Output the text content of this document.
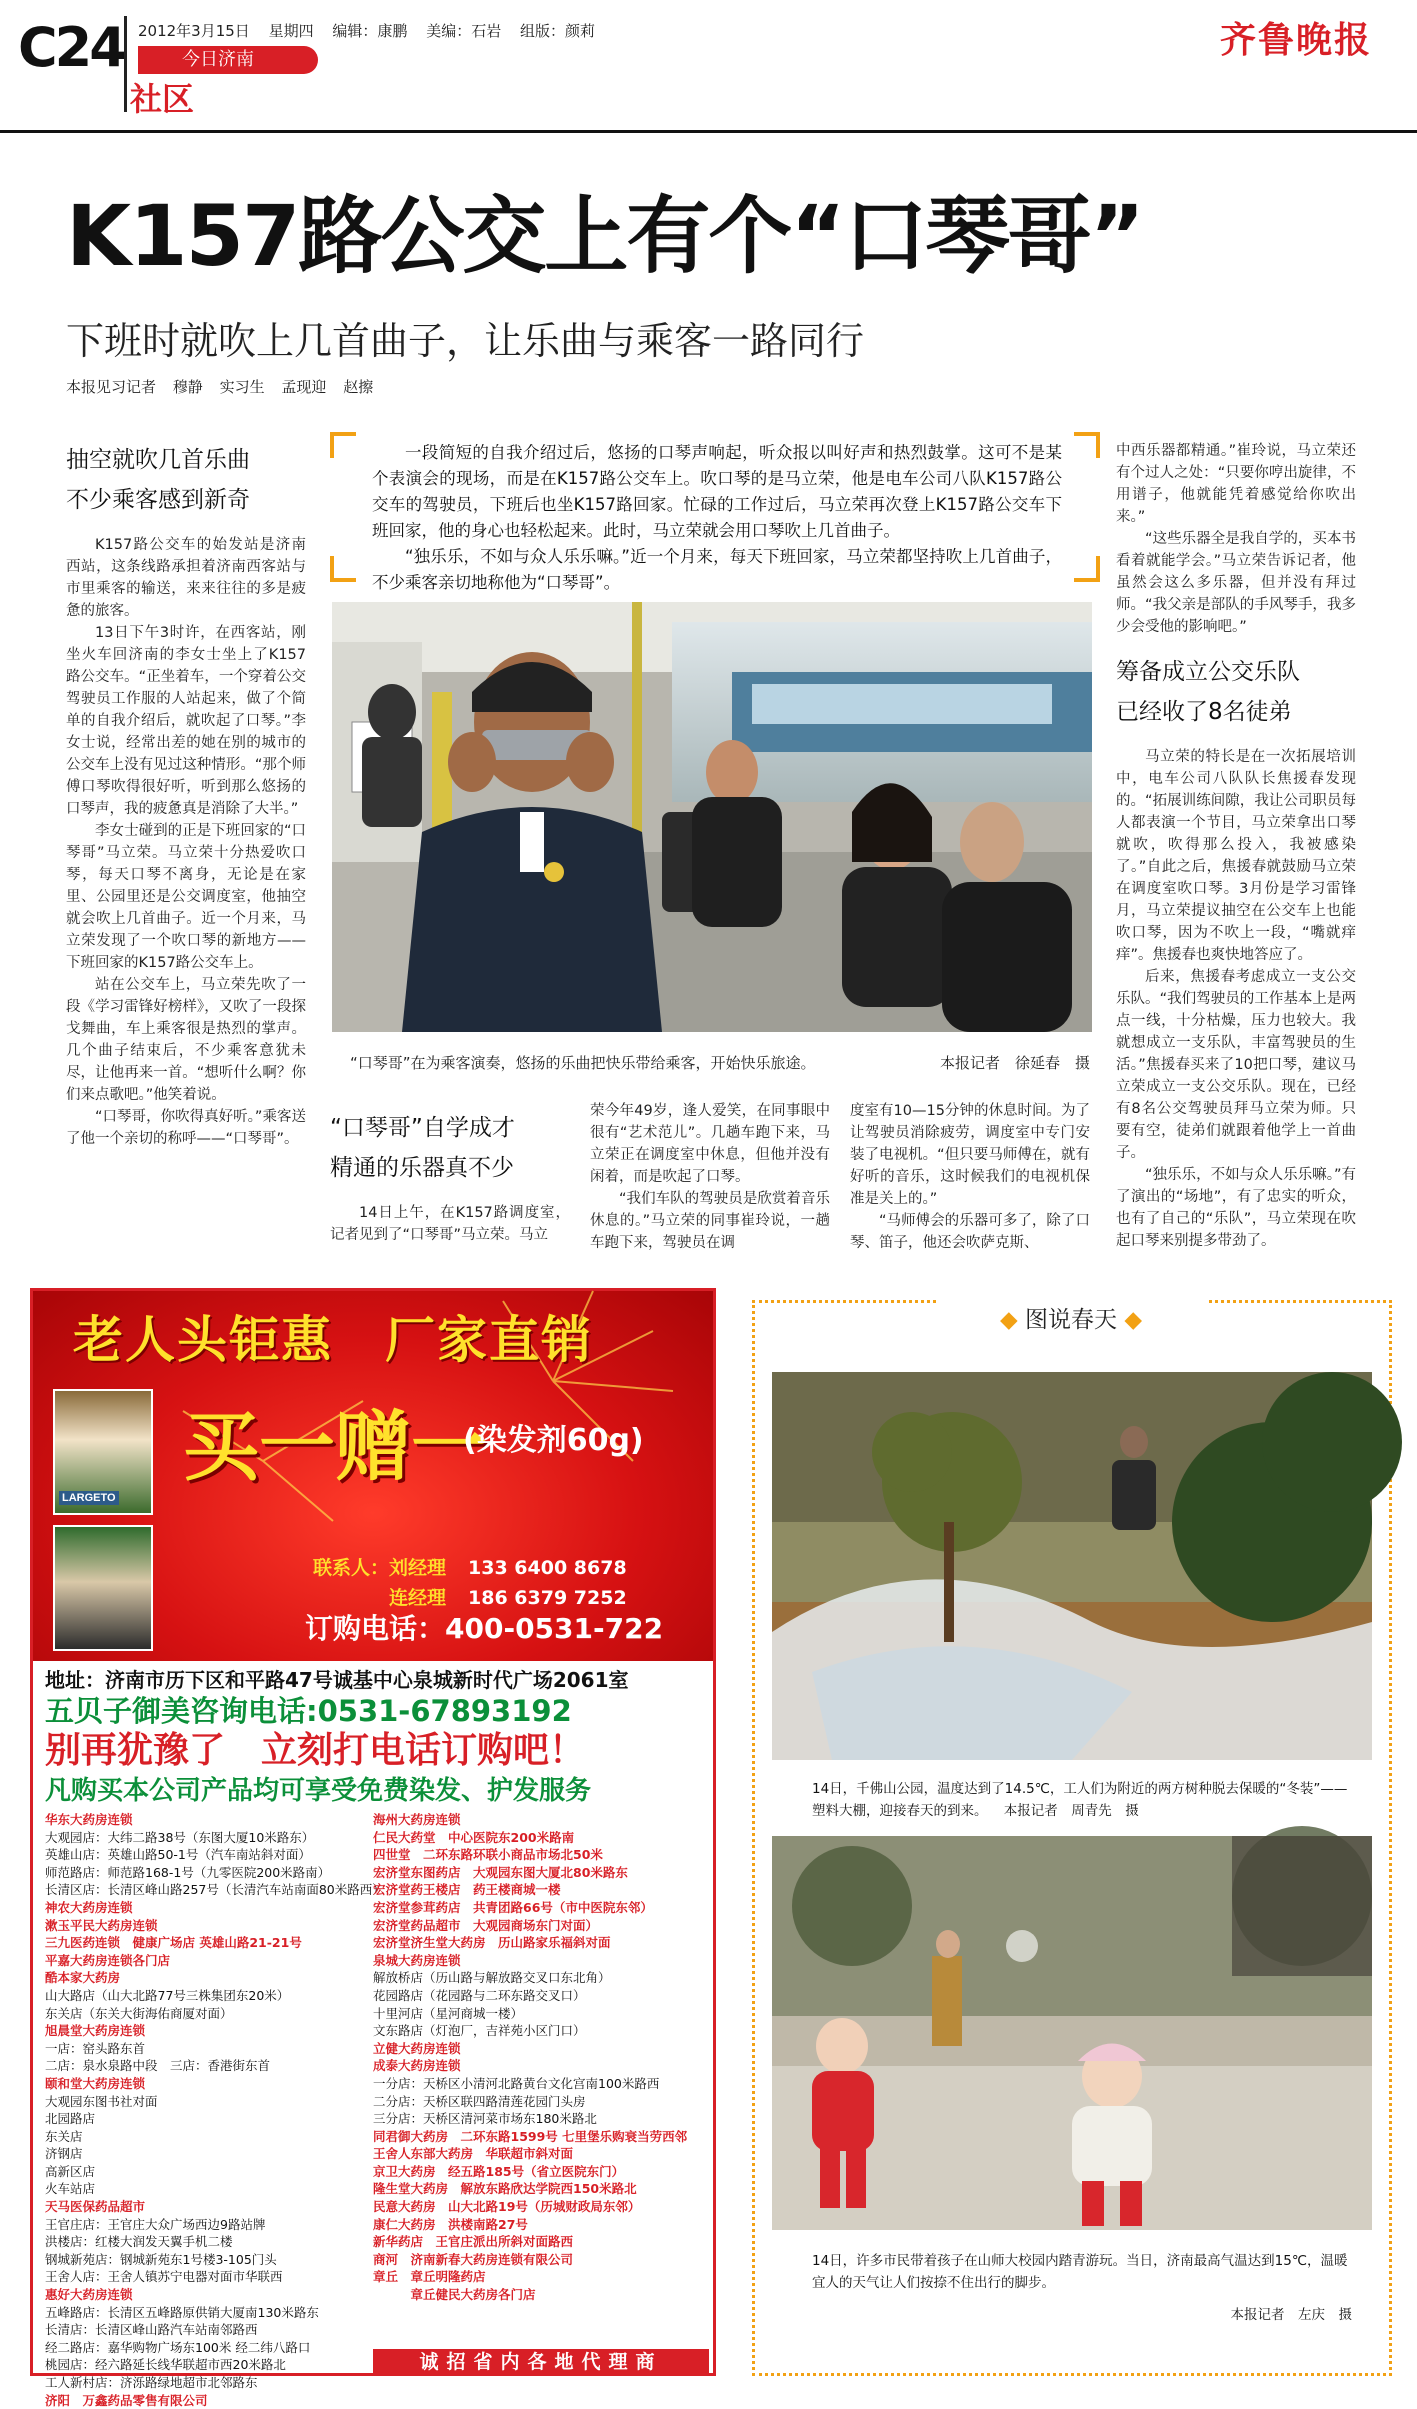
C24 2012年3月15日 星期四 编辑：康鹏 美编：石岩 组版：颜莉
今日济南
社区
齐鲁晚报
K157路公交上有个“口琴哥”
下班时就吹上几首曲子，让乐曲与乘客一路同行
本报见习记者 穆静 实习生 孟现迎 赵擦
抽空就吹几首乐曲
不少乘客感到新奇

K157路公交车的始发站是济南西站，这条线路承担着济南西客站与市里乘客的输送，来来往往的多是疲惫的旅客。

13日下午3时许，在西客站，刚坐火车回济南的李女士坐上了K157路公交车。“正坐着车，一个穿着公交驾驶员工作服的人站起来，做了个简单的自我介绍后，就吹起了口琴。”李女士说，经常出差的她在别的城市的公交车上没有见过这种情形。“那个师傅口琴吹得很好听，听到那么悠扬的口琴声，我的疲惫真是消除了大半。”

李女士碰到的正是下班回家的“口琴哥”马立荣。马立荣十分热爱吹口琴，每天口琴不离身，无论是在家里、公园里还是公交调度室，他抽空就会吹上几首曲子。近一个月来，马立荣发现了一个吹口琴的新地方——下班回家的K157路公交车上。

站在公交车上，马立荣先吹了一段《学习雷锋好榜样》，又吹了一段探戈舞曲，车上乘客很是热烈的掌声。几个曲子结束后，不少乘客意犹未尽，让他再来一首。“想听什么啊？你们来点歌吧。”他笑着说。

“口琴哥，你吹得真好听。”乘客送了他一个亲切的称呼——“口琴哥”。

一段简短的自我介绍过后，悠扬的口琴声响起，听众报以叫好声和热烈鼓掌。这可不是某个表演会的现场，而是在K157路公交车上。吹口琴的是马立荣，他是电车公司八队K157路公交车的驾驶员，下班后也坐K157路回家。忙碌的工作过后，马立荣再次登上K157路公交车下班回家，他的身心也轻松起来。此时，马立荣就会用口琴吹上几首曲子。

“独乐乐，不如与众人乐乐嘛。”近一个月来，每天下班回家，马立荣都坚持吹上几首曲子，不少乘客亲切地称他为“口琴哥”。

“口琴哥”在为乘客演奏，悠扬的乐曲把快乐带给乘客，开始快乐旅途。	本报记者　徐延春　摄
“口琴哥”自学成才
精通的乐器真不少

14日上午，在K157路调度室，记者见到了“口琴哥”马立荣。马立

荣今年49岁，逢人爱笑，在同事眼中很有“艺术范儿”。几趟车跑下来，马立荣正在调度室中休息，但他并没有闲着，而是吹起了口琴。

“我们车队的驾驶员是欣赏着音乐休息的。”马立荣的同事崔玲说，一趟车跑下来，驾驶员在调

度室有10—15分钟的休息时间。为了让驾驶员消除疲劳，调度室中专门安装了电视机。“但只要马师傅在，就有好听的音乐，这时候我们的电视机保准是关上的。”

“马师傅会的乐器可多了，除了口琴、笛子，他还会吹萨克斯、

中西乐器都精通。”崔玲说，马立荣还有个过人之处：“只要你哼出旋律，不用谱子，他就能凭着感觉给你吹出来。”

“这些乐器全是我自学的，买本书看着就能学会。”马立荣告诉记者，他虽然会这么多乐器，但并没有拜过师。“我父亲是部队的手风琴手，我多少会受他的影响吧。”

筹备成立公交乐队
已经收了8名徒弟

马立荣的特长是在一次拓展培训中，电车公司八队队长焦援春发现的。“拓展训练间隙，我让公司职员每人都表演一个节目，马立荣拿出口琴就吹，吹得那么投入，我被感染了。”自此之后，焦援春就鼓励马立荣在调度室吹口琴。3月份是学习雷锋月，马立荣提议抽空在公交车上也能吹口琴，因为不吹上一段，“嘴就痒痒”。焦援春也爽快地答应了。

后来，焦援春考虑成立一支公交乐队。“我们驾驶员的工作基本上是两点一线，十分枯燥，压力也较大。我就想成立一支乐队，丰富驾驶员的生活。”焦援春买来了10把口琴，建议马立荣成立一支公交乐队。现在，已经有8名公交驾驶员拜马立荣为师。只要有空，徒弟们就跟着他学上一首曲子。

“独乐乐，不如与众人乐乐嘛。”有了演出的“场地”，有了忠实的听众，也有了自己的“乐队”，马立荣现在吹起口琴来别提多带劲了。

老人头钜惠　厂家直销
LARGETO
买一赠一
(染发剂60g)
联系人：刘经理 133 6400 8678
连经理 186 6379 7252
订购电话：400-0531-722
地址：济南市历下区和平路47号诚基中心泉城新时代广场2061室
五贝子御美咨询电话:0531-67893192
别再犹豫了　立刻打电话订购吧！
凡购买本公司产品均可享受免费染发、护发服务
华东大药房连锁
大观园店：大纬二路38号（东图大厦10米路东）
英雄山店：英雄山路50-1号（汽车南站斜对面）
师范路店：师范路168-1号（九零医院200米路南）
长清区店：长清区峰山路257号（长清汽车站南面80米路西）
神农大药房连锁
漱玉平民大药房连锁
三九医药连锁　健康广场店 英雄山路21-21号
平嘉大药房连锁各门店
酷本家大药房
山大路店（山大北路77号三株集团东20米）
东关店（东关大街海佑商厦对面）
旭晨堂大药房连锁
一店：窑头路东首
二店：泉水泉路中段　三店：香港街东首
颐和堂大药房连锁
大观园东图书社对面
北园路店
东关店
济钢店
高新区店
火车站店
天马医保药品超市
王官庄店：王官庄大众广场西边9路站牌
洪楼店：红楼大润发天翼手机二楼
钢城新苑店：钢城新苑东1号楼3-105门头
王舍人店：王舍人镇苏宁电器对面市华联西
惠好大药房连锁
五峰路店：长清区五峰路原供销大厦南130米路东
长清店：长清区峰山路汽车站南邻路西
经二路店：嘉华购物广场东100米 经二纬八路口
桃园店：经六路延长线华联超市西20米路北
工人新村店：济泺路绿地超市北邻路东
济阳　万鑫药品零售有限公司
海州大药房连锁
仁民大药堂　中心医院东200米路南
四世堂　二环东路环联小商品市场北50米
宏济堂东图药店　大观园东图大厦北80米路东
宏济堂药王楼店　药王楼商城一楼
宏济堂参茸药店　共青团路66号（市中医院东邻）
宏济堂药品超市　大观园商场东门对面）
宏济堂济生堂大药房　历山路家乐福斜对面
泉城大药房连锁
解放桥店（历山路与解放路交叉口东北角）
花园路店（花园路与二环东路交叉口）
十里河店（星河商城一楼）
文东路店（灯泡厂，吉祥苑小区门口）
立健大药房连锁
成泰大药房连锁
一分店：天桥区小清河北路黄台文化宫南100米路西
二分店：天桥区联四路清莲花园门头房
三分店：天桥区清河菜市场东180米路北
同君御大药房　二环东路1599号 七里堡乐购衰当劳西邻
王舍人东部大药房　华联超市斜对面
京卫大药房　经五路185号（省立医院东门）
隆生堂大药房　解放东路欣达学院西150米路北
民意大药房　山大北路19号（历城财政局东邻）
康仁大药房　洪楼南路27号
新华药店　王官庄派出所斜对面路西
商河　济南新春大药房连锁有限公司
章丘　章丘明隆药店
　　　章丘健民大药房各门店
诚招省内各地代理商
◆ 图说春天 ◆
14日，千佛山公园，温度达到了14.5℃，工人们为附近的两方树种脱去保暖的“冬装”——塑料大棚，迎接春天的到来。 本报记者　周青先　摄
14日，许多市民带着孩子在山师大校园内踏青游玩。当日，济南最高气温达到15℃，温暖宜人的天气让人们按捺不住出行的脚步。
本报记者　左庆　摄
